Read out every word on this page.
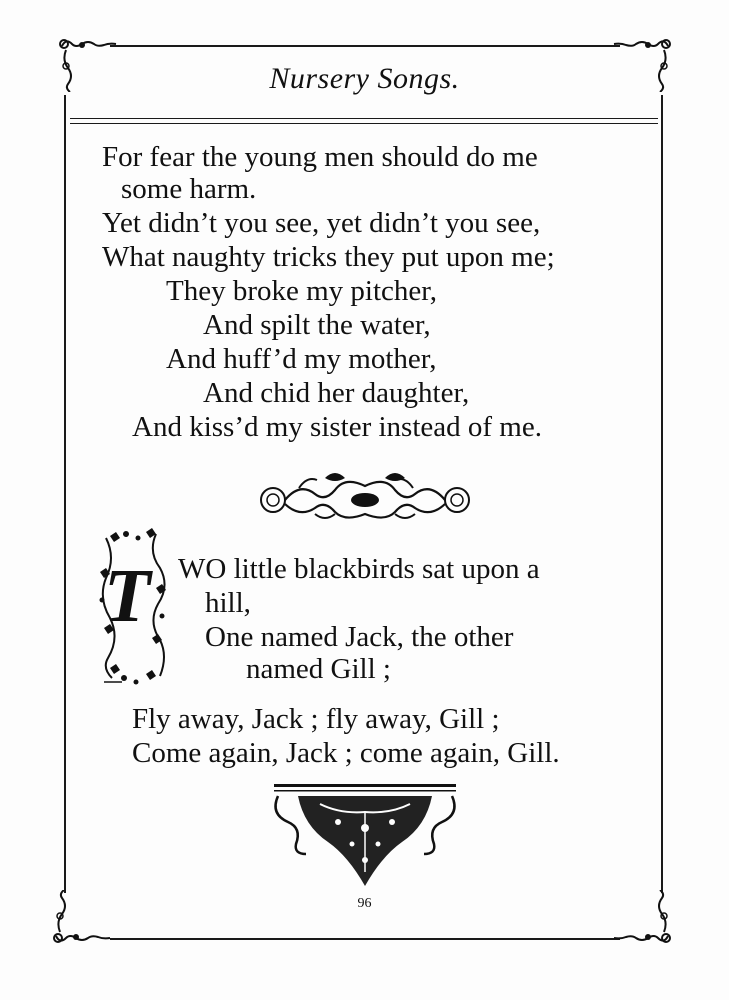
Nursery Songs.
For fear the young men should do me
some harm.
Yet didn’t you see, yet didn’t you see,
What naughty tricks they put upon me;
They broke my pitcher,
And spilt the water,
And huff’d my mother,
And chid her daughter,
And kiss’d my sister instead of me.
T WO little blackbirds sat upon a
hill,
One named Jack, the other
named Gill ;
Fly away, Jack ; fly away, Gill ;
Come again, Jack ; come again, Gill.
96
